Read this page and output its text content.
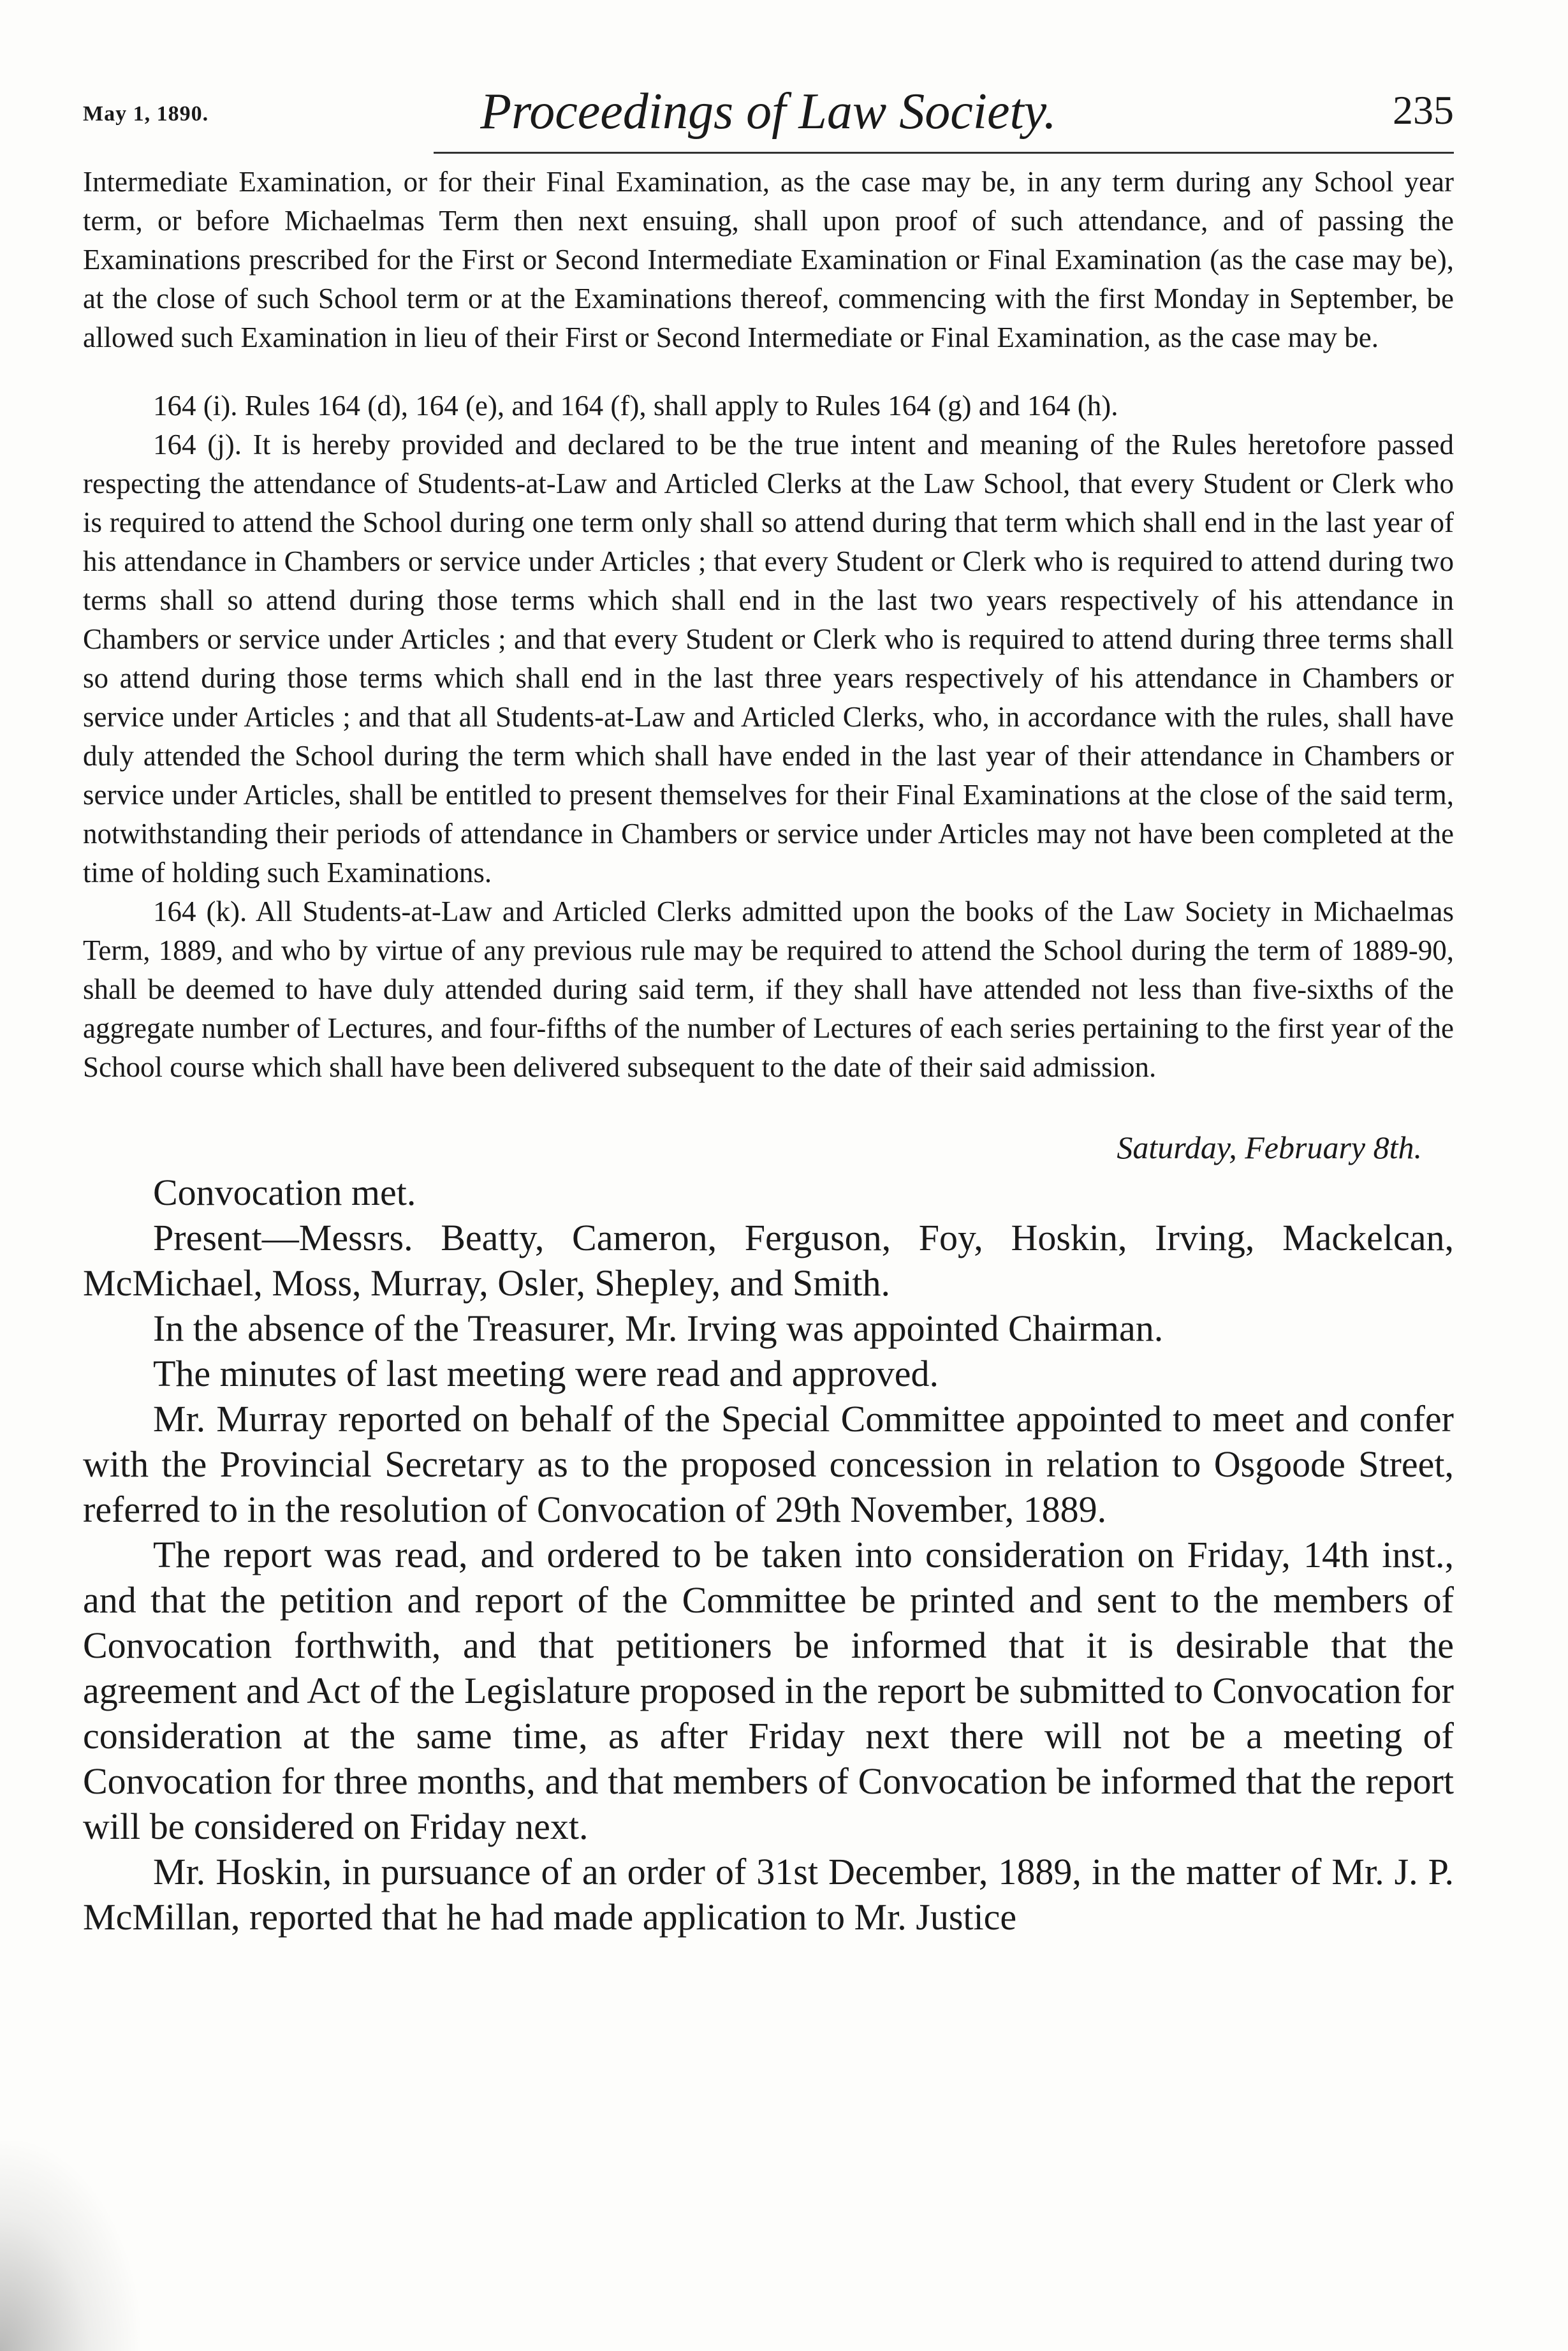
May 1, 1890.	Proceedings of Law Society.	235

Intermediate Examination, or for their Final Examination, as the case may be, in any term during any School year term, or before Michaelmas Term then next ensuing, shall upon proof of such attendance, and of passing the Examinations prescribed for the First or Second Intermediate Examination or Final Examination (as the case may be), at the close of such School term or at the Examinations thereof, commencing with the first Monday in September, be allowed such Examination in lieu of their First or Second Intermediate or Final Examination, as the case may be.

164 (i). Rules 164 (d), 164 (e), and 164 (f), shall apply to Rules 164 (g) and 164 (h).

164 (j). It is hereby provided and declared to be the true intent and meaning of the Rules heretofore passed respecting the attendance of Students-at-Law and Articled Clerks at the Law School, that every Student or Clerk who is required to attend the School during one term only shall so attend during that term which shall end in the last year of his attendance in Chambers or service under Articles ; that every Student or Clerk who is required to attend during two terms shall so attend during those terms which shall end in the last two years respectively of his attendance in Chambers or service under Articles ; and that every Student or Clerk who is required to attend during three terms shall so attend during those terms which shall end in the last three years respectively of his attendance in Chambers or service under Articles ; and that all Students-at-Law and Articled Clerks, who, in accordance with the rules, shall have duly attended the School during the term which shall have ended in the last year of their attendance in Chambers or service under Articles, shall be entitled to present themselves for their Final Examinations at the close of the said term, notwithstanding their periods of attendance in Chambers or service under Articles may not have been completed at the time of holding such Examinations.

164 (k). All Students-at-Law and Articled Clerks admitted upon the books of the Law Society in Michaelmas Term, 1889, and who by virtue of any previous rule may be required to attend the School during the term of 1889-90, shall be deemed to have duly attended during said term, if they shall have attended not less than five-sixths of the aggregate number of Lectures, and four-fifths of the number of Lectures of each series pertaining to the first year of the School course which shall have been delivered subsequent to the date of their said admission.

Saturday, February 8th.

Convocation met.

Present—Messrs. Beatty, Cameron, Ferguson, Foy, Hoskin, Irving, Mackelcan, McMichael, Moss, Murray, Osler, Shepley, and Smith.

In the absence of the Treasurer, Mr. Irving was appointed Chairman.

The minutes of last meeting were read and approved.

Mr. Murray reported on behalf of the Special Committee appointed to meet and confer with the Provincial Secretary as to the proposed concession in relation to Osgoode Street, referred to in the resolution of Convocation of 29th November, 1889.

The report was read, and ordered to be taken into consideration on Friday, 14th inst., and that the petition and report of the Committee be printed and sent to the members of Convocation forthwith, and that petitioners be informed that it is desirable that the agreement and Act of the Legislature proposed in the report be submitted to Convocation for consideration at the same time, as after Friday next there will not be a meeting of Convocation for three months, and that members of Convocation be informed that the report will be considered on Friday next.

Mr. Hoskin, in pursuance of an order of 31st December, 1889, in the matter of Mr. J. P. McMillan, reported that he had made application to Mr. Justice
